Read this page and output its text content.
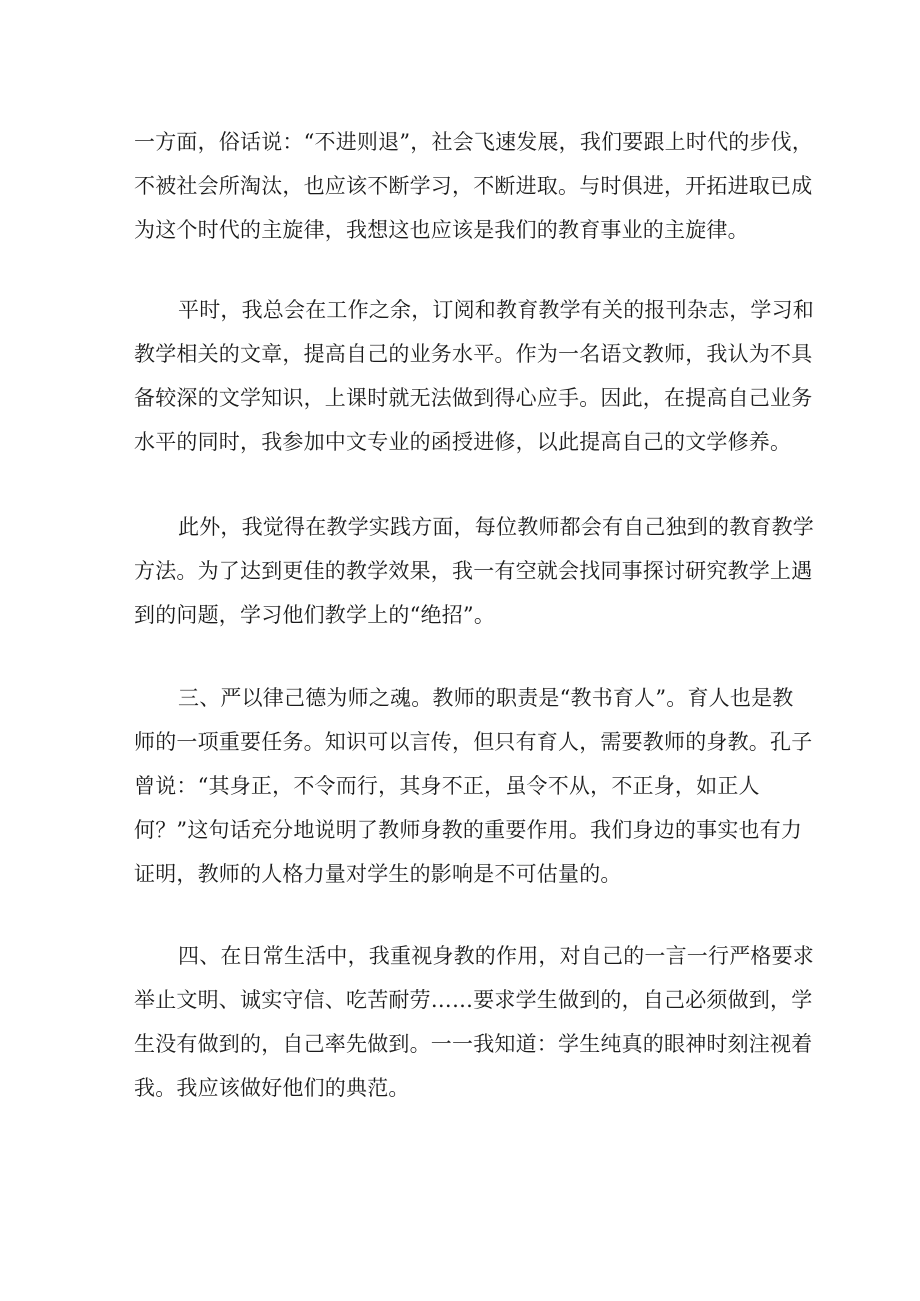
一方面，俗话说：“不进则退”，社会飞速发展，我们要跟上时代的步伐，
不被社会所淘汰，也应该不断学习，不断进取。与时俱进，开拓进取已成
为这个时代的主旋律，我想这也应该是我们的教育事业的主旋律。

平时，我总会在工作之余，订阅和教育教学有关的报刊杂志，学习和
教学相关的文章，提高自己的业务水平。作为一名语文教师，我认为不具
备较深的文学知识，上课时就无法做到得心应手。因此，在提高自己业务
水平的同时，我参加中文专业的函授进修，以此提高自己的文学修养。

此外，我觉得在教学实践方面，每位教师都会有自己独到的教育教学
方法。为了达到更佳的教学效果，我一有空就会找同事探讨研究教学上遇
到的问题，学习他们教学上的“绝招”。

三、严以律己德为师之魂。教师的职责是“教书育人”。育人也是教
师的一项重要任务。知识可以言传，但只有育人，需要教师的身教。孔子
曾说：“其身正，不令而行，其身不正，虽令不从，不正身，如正人
何？”这句话充分地说明了教师身教的重要作用。我们身边的事实也有力
证明，教师的人格力量对学生的影响是不可估量的。

四、在日常生活中，我重视身教的作用，对自己的一言一行严格要求
举止文明、诚实守信、吃苦耐劳……要求学生做到的，自己必须做到，学
生没有做到的，自己率先做到。一一我知道：学生纯真的眼神时刻注视着
我。我应该做好他们的典范。
